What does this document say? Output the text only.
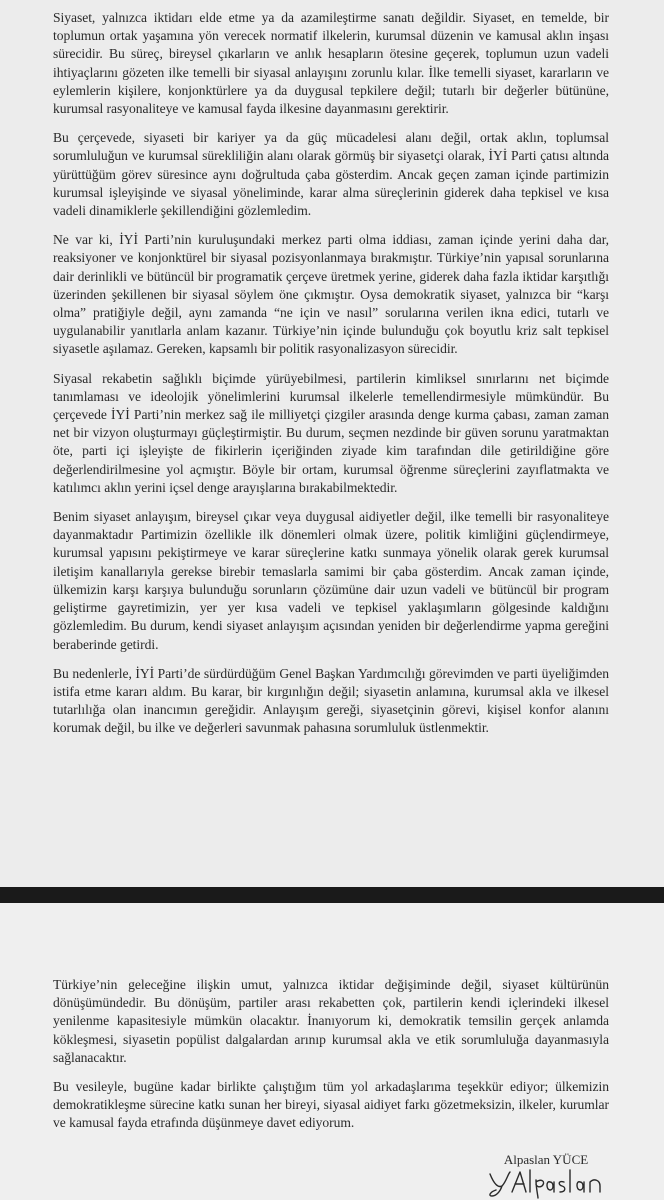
Siyaset, yalnızca iktidarı elde etme ya da azamileştirme sanatı değildir. Siyaset, en temelde, bir toplumun ortak yaşamına yön verecek normatif ilkelerin, kurumsal düzenin ve kamusal aklın inşası sürecidir. Bu süreç, bireysel çıkarların ve anlık hesapların ötesine geçerek, toplumun uzun vadeli ihtiyaçlarını gözeten ilke temelli bir siyasal anlayışını zorunlu kılar. İlke temelli siyaset, kararların ve eylemlerin kişilere, konjonktürlere ya da duygusal tepkilere değil; tutarlı bir değerler bütününe, kurumsal rasyonaliteye ve kamusal fayda ilkesine dayanmasını gerektirir.

Bu çerçevede, siyaseti bir kariyer ya da güç mücadelesi alanı değil, ortak aklın, toplumsal sorumluluğun ve kurumsal sürekliliğin alanı olarak görmüş bir siyasetçi olarak, İYİ Parti çatısı altında yürüttüğüm görev süresince aynı doğrultuda çaba gösterdim. Ancak geçen zaman içinde partimizin kurumsal işleyişinde ve siyasal yöneliminde, karar alma süreçlerinin giderek daha tepkisel ve kısa vadeli dinamiklerle şekillendiğini gözlemledim.

Ne var ki, İYİ Parti’nin kuruluşundaki merkez parti olma iddiası, zaman içinde yerini daha dar, reaksiyoner ve konjonktürel bir siyasal pozisyonlanmaya bırakmıştır. Türkiye’nin yapısal sorunlarına dair derinlikli ve bütüncül bir programatik çerçeve üretmek yerine, giderek daha fazla iktidar karşıtlığı üzerinden şekillenen bir siyasal söylem öne çıkmıştır. Oysa demokratik siyaset, yalnızca bir “karşı olma” pratiğiyle değil, aynı zamanda “ne için ve nasıl” sorularına verilen ikna edici, tutarlı ve uygulanabilir yanıtlarla anlam kazanır. Türkiye’nin içinde bulunduğu çok boyutlu kriz salt tepkisel siyasetle aşılamaz. Gereken, kapsamlı bir politik rasyonalizasyon sürecidir.

Siyasal rekabetin sağlıklı biçimde yürüyebilmesi, partilerin kimliksel sınırlarını net biçimde tanımlaması ve ideolojik yönelimlerini kurumsal ilkelerle temellendirmesiyle mümkündür. Bu çerçevede İYİ Parti’nin merkez sağ ile milliyetçi çizgiler arasında denge kurma çabası, zaman zaman net bir vizyon oluşturmayı güçleştirmiştir. Bu durum, seçmen nezdinde bir güven sorunu yaratmaktan öte, parti içi işleyişte de fikirlerin içeriğinden ziyade kim tarafından dile getirildiğine göre değerlendirilmesine yol açmıştır. Böyle bir ortam, kurumsal öğrenme süreçlerini zayıflatmakta ve katılımcı aklın yerini içsel denge arayışlarına bırakabilmektedir.

Benim siyaset anlayışım, bireysel çıkar veya duygusal aidiyetler değil, ilke temelli bir rasyonaliteye dayanmaktadır Partimizin özellikle ilk dönemleri olmak üzere, politik kimliğini güçlendirmeye, kurumsal yapısını pekiştirmeye ve karar süreçlerine katkı sunmaya yönelik olarak gerek kurumsal iletişim kanallarıyla gerekse birebir temaslarla samimi bir çaba gösterdim. Ancak zaman içinde, ülkemizin karşı karşıya bulunduğu sorunların çözümüne dair uzun vadeli ve bütüncül bir program geliştirme gayretimizin, yer yer kısa vadeli ve tepkisel yaklaşımların gölgesinde kaldığını gözlemledim. Bu durum, kendi siyaset anlayışım açısından yeniden bir değerlendirme yapma gereğini beraberinde getirdi.

Bu nedenlerle, İYİ Parti’de sürdürdüğüm Genel Başkan Yardımcılığı görevimden ve parti üyeliğimden istifa etme kararı aldım. Bu karar, bir kırgınlığın değil; siyasetin anlamına, kurumsal akla ve ilkesel tutarlılığa olan inancımın gereğidir. Anlayışım gereği, siyasetçinin görevi, kişisel konfor alanını korumak değil, bu ilke ve değerleri savunmak pahasına sorumluluk üstlenmektir.

Türkiye’nin geleceğine ilişkin umut, yalnızca iktidar değişiminde değil, siyaset kültürünün dönüşümündedir. Bu dönüşüm, partiler arası rekabetten çok, partilerin kendi içlerindeki ilkesel yenilenme kapasitesiyle mümkün olacaktır. İnanıyorum ki, demokratik temsilin gerçek anlamda kökleşmesi, siyasetin popülist dalgalardan arınıp kurumsal akla ve etik sorumluluğa dayanmasıyla sağlanacaktır.

Bu vesileyle, bugüne kadar birlikte çalıştığım tüm yol arkadaşlarıma teşekkür ediyor; ülkemizin demokratikleşme sürecine katkı sunan her bireyi, siyasal aidiyet farkı gözetmeksizin, ilkeler, kurumlar ve kamusal fayda etrafında düşünmeye davet ediyorum.

Alpaslan YÜCE
